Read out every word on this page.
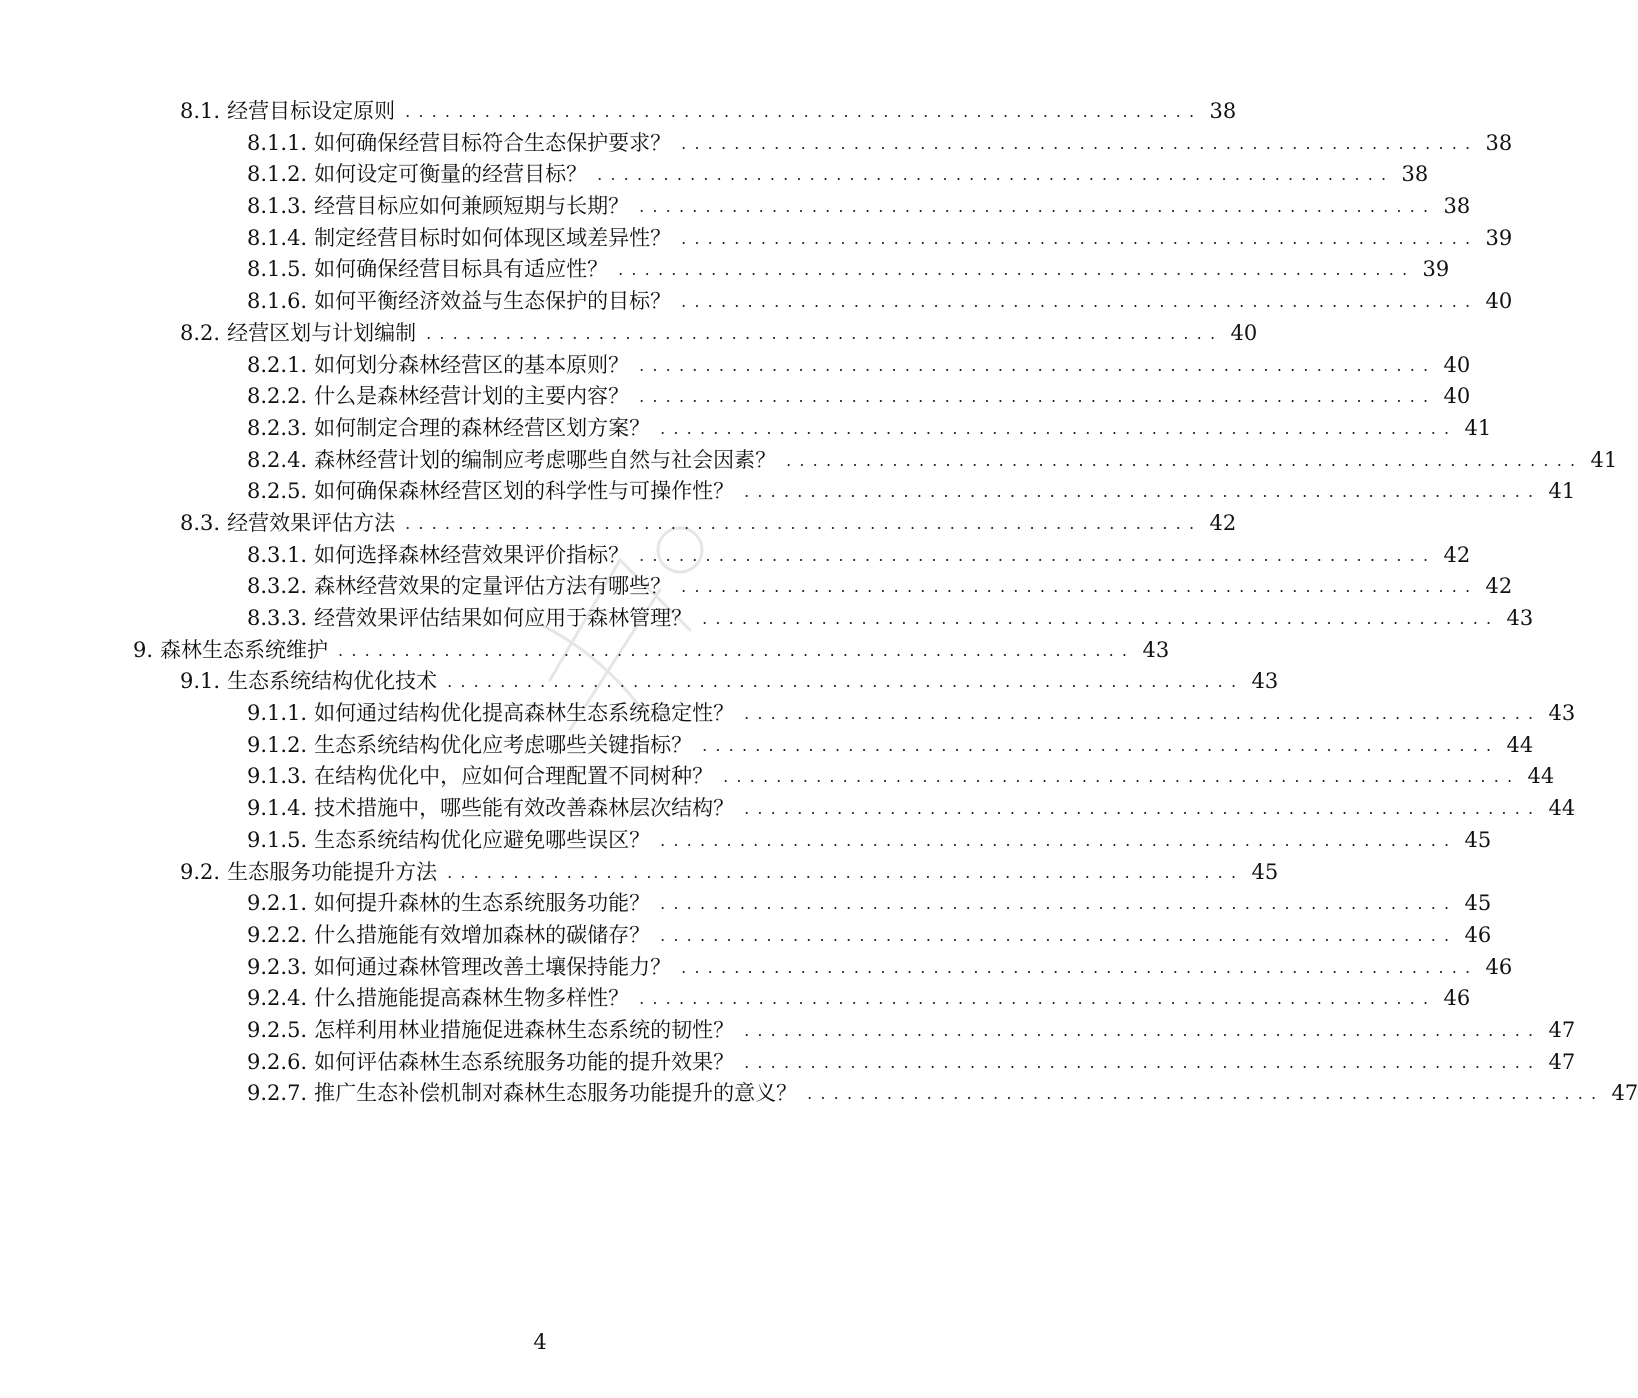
8.1. 经营目标设定原则 ............................................................ 38
8.1.1. 如何确保经营目标符合生态保护要求？ ............................................................ 38
8.1.2. 如何设定可衡量的经营目标？ ............................................................ 38
8.1.3. 经营目标应如何兼顾短期与长期？ ............................................................ 38
8.1.4. 制定经营目标时如何体现区域差异性？ ............................................................ 39
8.1.5. 如何确保经营目标具有适应性？ ............................................................ 39
8.1.6. 如何平衡经济效益与生态保护的目标？ ............................................................ 40
8.2. 经营区划与计划编制 ............................................................ 40
8.2.1. 如何划分森林经营区的基本原则？ ............................................................ 40
8.2.2. 什么是森林经营计划的主要内容？ ............................................................ 40
8.2.3. 如何制定合理的森林经营区划方案？ ............................................................ 41
8.2.4. 森林经营计划的编制应考虑哪些自然与社会因素？ ............................................................ 41
8.2.5. 如何确保森林经营区划的科学性与可操作性？ ............................................................ 41
8.3. 经营效果评估方法 ............................................................ 42
8.3.1. 如何选择森林经营效果评价指标？ ............................................................ 42
8.3.2. 森林经营效果的定量评估方法有哪些？ ............................................................ 42
8.3.3. 经营效果评估结果如何应用于森林管理？ ............................................................ 43
9. 森林生态系统维护 ............................................................ 43
9.1. 生态系统结构优化技术 ............................................................ 43
9.1.1. 如何通过结构优化提高森林生态系统稳定性？ ............................................................ 43
9.1.2. 生态系统结构优化应考虑哪些关键指标？ ............................................................ 44
9.1.3. 在结构优化中，应如何合理配置不同树种？ ............................................................ 44
9.1.4. 技术措施中，哪些能有效改善森林层次结构？ ............................................................ 44
9.1.5. 生态系统结构优化应避免哪些误区？ ............................................................ 45
9.2. 生态服务功能提升方法 ............................................................ 45
9.2.1. 如何提升森林的生态系统服务功能？ ............................................................ 45
9.2.2. 什么措施能有效增加森林的碳储存？ ............................................................ 46
9.2.3. 如何通过森林管理改善土壤保持能力？ ............................................................ 46
9.2.4. 什么措施能提高森林生物多样性？ ............................................................ 46
9.2.5. 怎样利用林业措施促进森林生态系统的韧性？ ............................................................ 47
9.2.6. 如何评估森林生态系统服务功能的提升效果？ ............................................................ 47
9.2.7. 推广生态补偿机制对森林生态服务功能提升的意义？ ............................................................ 47
4
